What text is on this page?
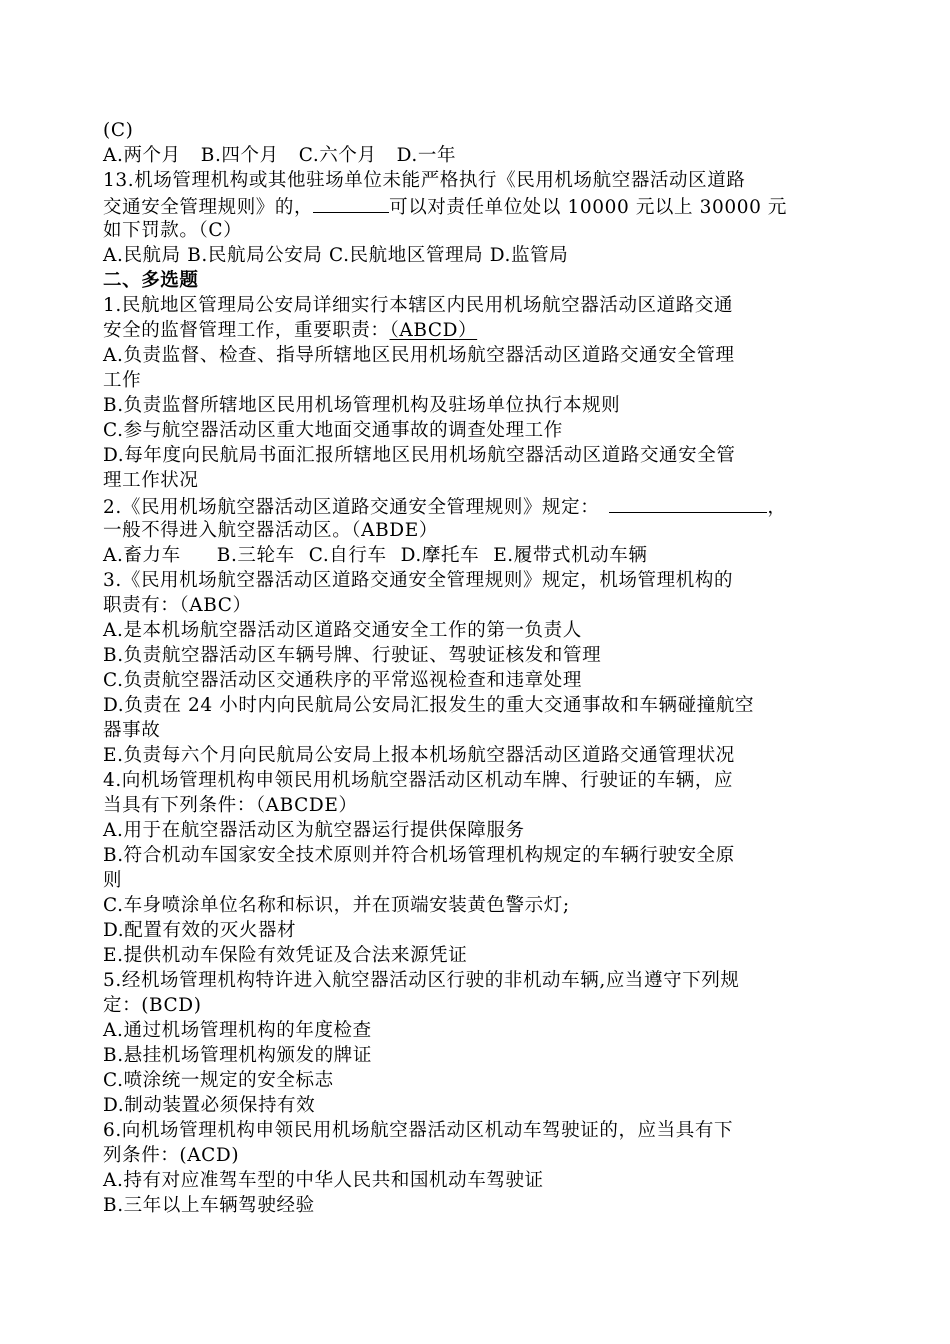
(C)
A.两个月 B.四个月 C.六个月 D.一年
13.机场管理机构或其他驻场单位未能严格执行《民用机场航空器活动区道路
交通安全管理规则》的，	可以对责任单位处以 10000 元以上 30000 元
如下罚款。（C）
A.民航局 B.民航局公安局 C.民航地区管理局 D.监管局
二、多选题
1.民航地区管理局公安局详细实行本辖区内民用机场航空器活动区道路交通
安全的监督管理工作，重要职责：（ABCD）
A.负责监督、检查、指导所辖地区民用机场航空器活动区道路交通安全管理
工作
B.负责监督所辖地区民用机场管理机构及驻场单位执行本规则
C.参与航空器活动区重大地面交通事故的调查处理工作
D.每年度向民航局书面汇报所辖地区民用机场航空器活动区道路交通安全管
理工作状况
2.《民用机场航空器活动区道路交通安全管理规则》规定：	，
一般不得进入航空器活动区。（ABDE）
A.畜力车 B.三轮车 C.自行车 D.摩托车 E.履带式机动车辆
3.《民用机场航空器活动区道路交通安全管理规则》规定，机场管理机构的
职责有：（ABC）
A.是本机场航空器活动区道路交通安全工作的第一负责人
B.负责航空器活动区车辆号牌、行驶证、驾驶证核发和管理
C.负责航空器活动区交通秩序的平常巡视检查和违章处理
D.负责在 24 小时内向民航局公安局汇报发生的重大交通事故和车辆碰撞航空
器事故
E.负责每六个月向民航局公安局上报本机场航空器活动区道路交通管理状况
4.向机场管理机构申领民用机场航空器活动区机动车牌、行驶证的车辆，应
当具有下列条件：（ABCDE）
A.用于在航空器活动区为航空器运行提供保障服务
B.符合机动车国家安全技术原则并符合机场管理机构规定的车辆行驶安全原
则
C.车身喷涂单位名称和标识，并在顶端安装黄色警示灯;
D.配置有效的灭火器材
E.提供机动车保险有效凭证及合法来源凭证
5.经机场管理机构特许进入航空器活动区行驶的非机动车辆,应当遵守下列规
定：(BCD)
A.通过机场管理机构的年度检查
B.悬挂机场管理机构颁发的牌证
C.喷涂统一规定的安全标志
D.制动装置必须保持有效
6.向机场管理机构申领民用机场航空器活动区机动车驾驶证的，应当具有下
列条件：(ACD)
A.持有对应准驾车型的中华人民共和国机动车驾驶证
B.三年以上车辆驾驶经验
